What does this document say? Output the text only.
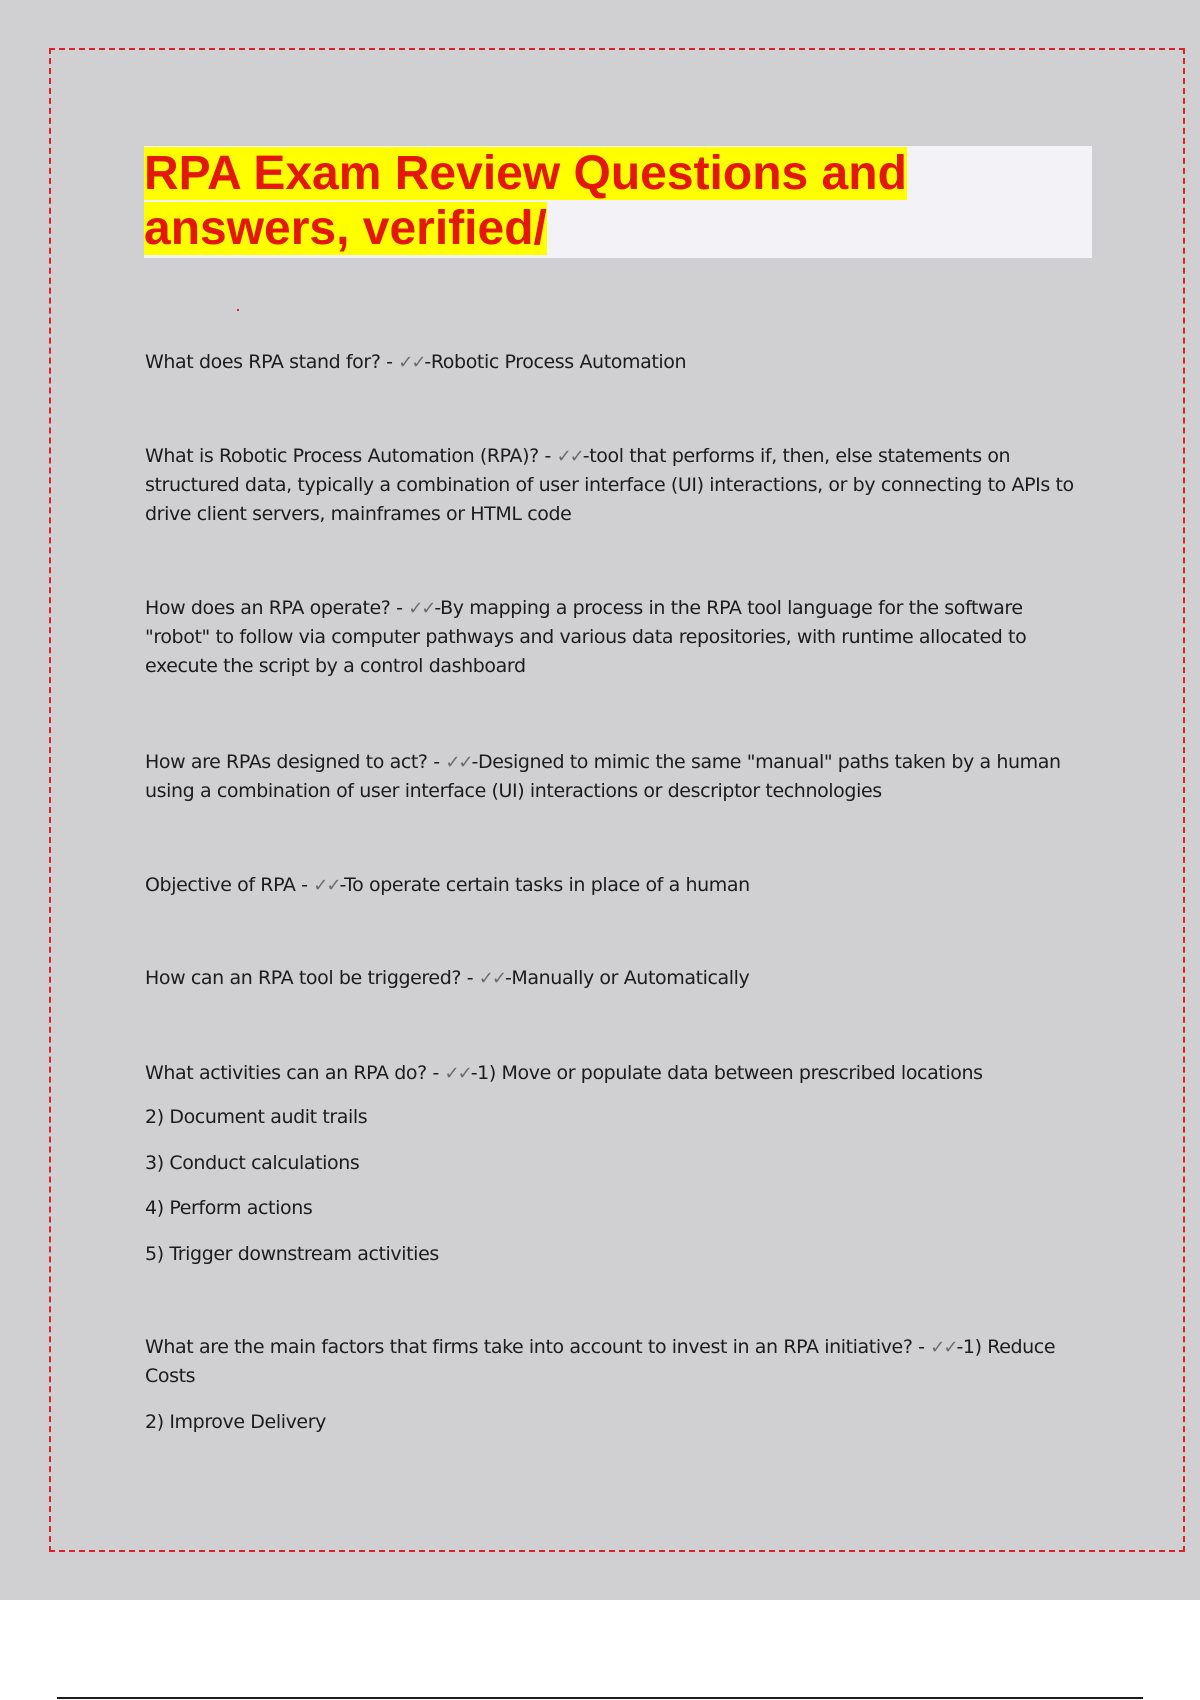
RPA Exam Review Questions and answers, verified/

What does RPA stand for? - ✓✓-Robotic Process Automation

What is Robotic Process Automation (RPA)? - ✓✓-tool that performs if, then, else statements on structured data, typically a combination of user interface (UI) interactions, or by connecting to APIs to drive client servers, mainframes or HTML code

How does an RPA operate? - ✓✓-By mapping a process in the RPA tool language for the software "robot" to follow via computer pathways and various data repositories, with runtime allocated to execute the script by a control dashboard

How are RPAs designed to act? - ✓✓-Designed to mimic the same "manual" paths taken by a human using a combination of user interface (UI) interactions or descriptor technologies

Objective of RPA - ✓✓-To operate certain tasks in place of a human

How can an RPA tool be triggered? - ✓✓-Manually or Automatically

What activities can an RPA do? - ✓✓-1) Move or populate data between prescribed locations

2) Document audit trails

3) Conduct calculations

4) Perform actions

5) Trigger downstream activities

What are the main factors that firms take into account to invest in an RPA initiative? - ✓✓-1) Reduce Costs

2) Improve Delivery
